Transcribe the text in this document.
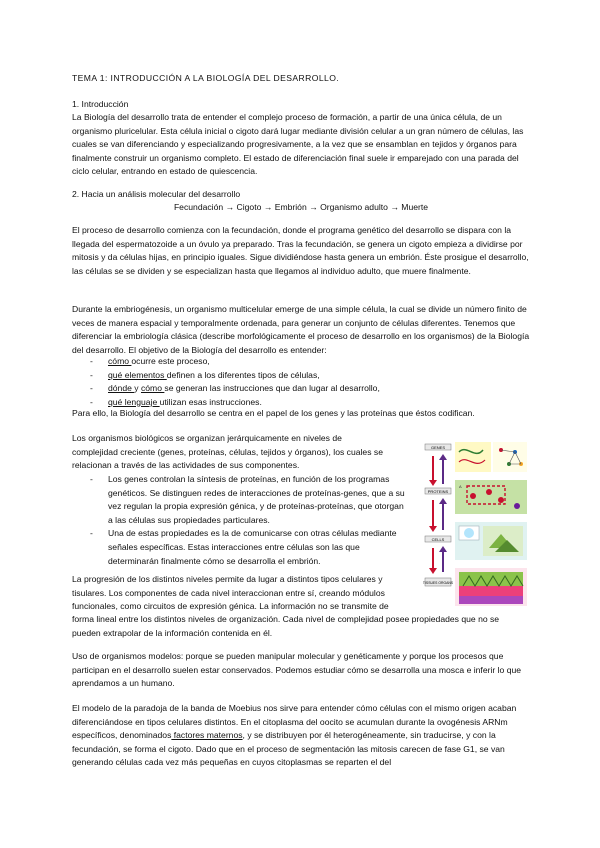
TEMA 1: INTRODUCCIÓN A LA BIOLOGÍA DEL DESARROLLO.

1. Introducción

La Biología del desarrollo trata de entender el complejo proceso de formación, a partir de una única célula, de un organismo pluricelular. Esta célula inicial o cigoto dará lugar mediante división celular a un gran número de células, las cuales se van diferenciando y especializando progresivamente, a la vez que se ensamblan en tejidos y órganos para finalmente construir un organismo completo. El estado de diferenciación final suele ir emparejado con una parada del ciclo celular, entrando en estado de quiescencia.

2. Hacia un análisis molecular del desarrollo

Fecundación → Cigoto → Embrión → Organismo adulto → Muerte

El proceso de desarrollo comienza con la fecundación, donde el programa genético del desarrollo se dispara con la llegada del espermatozoide a un óvulo ya preparado. Tras la fecundación, se genera un cigoto empieza a dividirse por mitosis y da células hijas, en principio iguales. Sigue dividiéndose hasta genera un embrión. Éste prosigue el desarrollo, las células se se dividen y se especializan hasta que llegamos al individuo adulto, que muere finalmente.

Durante la embriogénesis, un organismo multicelular emerge de una simple célula, la cual se divide un número finito de veces de manera espacial y temporalmente ordenada, para generar un conjunto de células diferentes. Tenemos que diferenciar la embriología clásica (describe morfológicamente el proceso de desarrollo en los organismos) de la Biología del desarrollo. El objetivo de la Biología del desarrollo es entender:

- cómo ocurre este proceso,
- qué elementos definen a los diferentes tipos de células,
- dónde y cómo se generan las instrucciones que dan lugar al desarrollo,
- qué lenguaje utilizan esas instrucciones.

Para ello, la Biología del desarrollo se centra en el papel de los genes y las proteínas que éstos codifican.

Los organismos biológicos se organizan jerárquicamente en niveles de complejidad creciente (genes, proteínas, células, tejidos y órganos), los cuales se relacionan a través de las actividades de sus componentes.

- Los genes controlan la síntesis de proteínas, en función de los programas genéticos. Se distinguen redes de interacciones de proteínas-genes, que a su vez regulan la propia expresión génica, y de proteínas-proteínas, que otorgan a las células sus propiedades particulares.
- Una de estas propiedades es la de comunicarse con otras células mediante señales específicas. Estas interacciones entre células son las que determinarán finalmente cómo se desarrolla el embrión.

La progresión de los distintos niveles permite da lugar a distintos tipos celulares y tisulares. Los componentes de cada nivel interaccionan entre sí, creando módulos funcionales, como circuitos de expresión génica. La información no se transmite de

forma lineal entre los distintos niveles de organización. Cada nivel de complejidad posee propiedades que no se pueden extrapolar de la información contenida en él.

Uso de organismos modelos: porque se pueden manipular molecular y genéticamente y porque los procesos que participan en el desarrollo suelen estar conservados. Podemos estudiar cómo se desarrolla una mosca e inferir lo que aprendamos a un humano.

El modelo de la paradoja de la banda de Moebius nos sirve para entender cómo células con el mismo origen acaban diferenciándose en tipos celulares distintos. En el citoplasma del oocito se acumulan durante la ovogénesis ARNm específicos, denominados factores maternos, y se distribuyen por él heterogéneamente, sin traducirse, y con la fecundación, se forma el cigoto. Dado que en el proceso de segmentación las mitosis carecen de fase G1, se van generando células cada vez más pequeñas en cuyos citoplasmas se reparten el del

GENES
PROTEINS
CELLS
TISSUES ORGANS
A
